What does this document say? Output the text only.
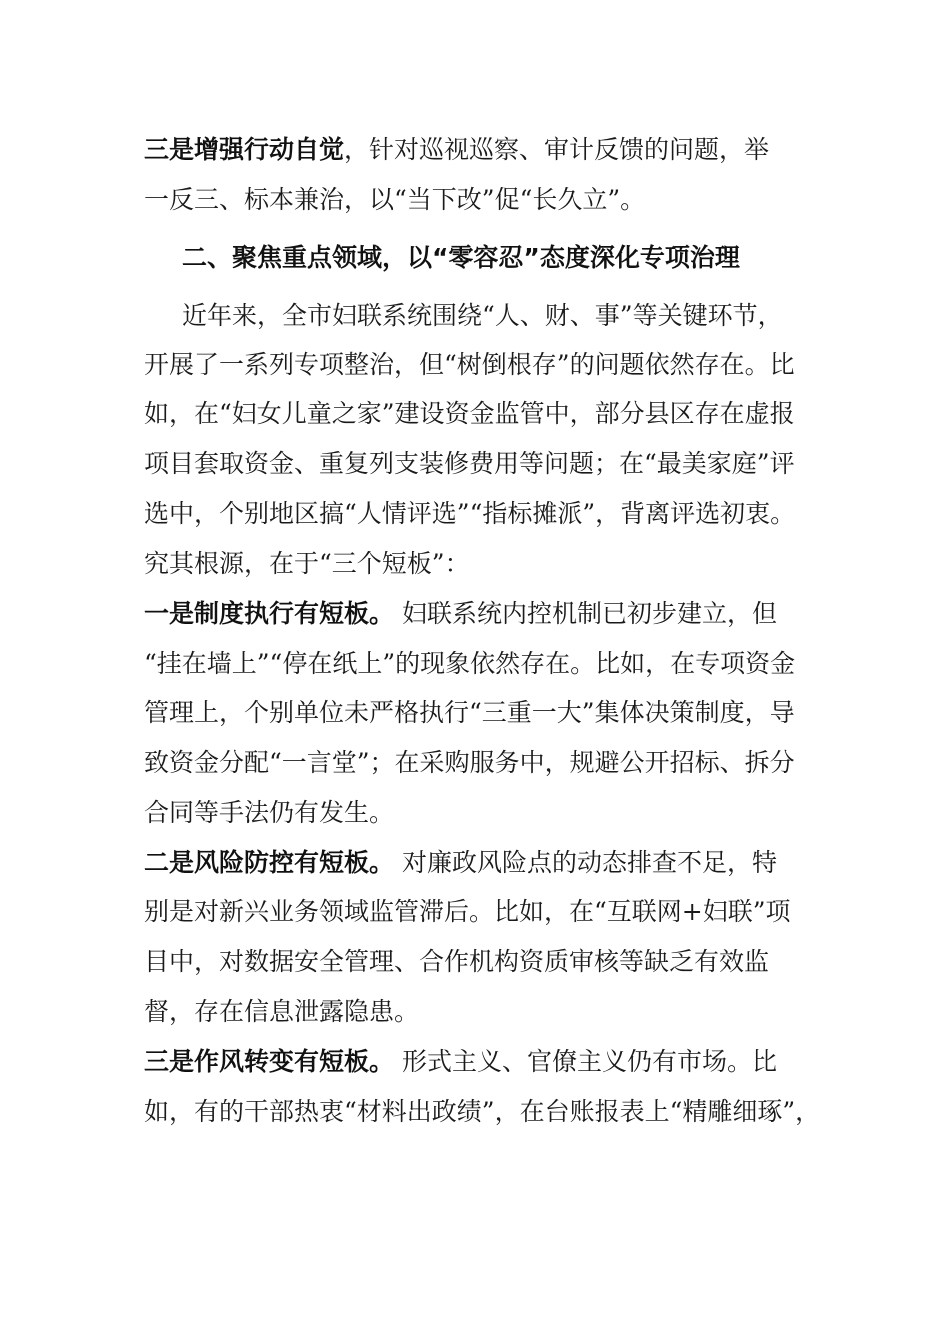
三是增强行动自觉，针对巡视巡察、审计反馈的问题，举
一反三、标本兼治，以“当下改”促“长久立”。
二、聚焦重点领域，以“零容忍”态度深化专项治理
近年来，全市妇联系统围绕“人、财、事”等关键环节，
开展了一系列专项整治，但“树倒根存”的问题依然存在。比
如，在“妇女儿童之家”建设资金监管中，部分县区存在虚报
项目套取资金、重复列支装修费用等问题；在“最美家庭”评
选中，个别地区搞“人情评选”“指标摊派”，背离评选初衷。
究其根源，在于“三个短板”：
一是制度执行有短板。 妇联系统内控机制已初步建立，但
“挂在墙上”“停在纸上”的现象依然存在。比如，在专项资金
管理上，个别单位未严格执行“三重一大”集体决策制度，导
致资金分配“一言堂”；在采购服务中，规避公开招标、拆分
合同等手法仍有发生。
二是风险防控有短板。 对廉政风险点的动态排查不足，特
别是对新兴业务领域监管滞后。比如，在“互联网+妇联”项
目中，对数据安全管理、合作机构资质审核等缺乏有效监
督，存在信息泄露隐患。
三是作风转变有短板。 形式主义、官僚主义仍有市场。比
如，有的干部热衷“材料出政绩”，在台账报表上“精雕细琢”，
